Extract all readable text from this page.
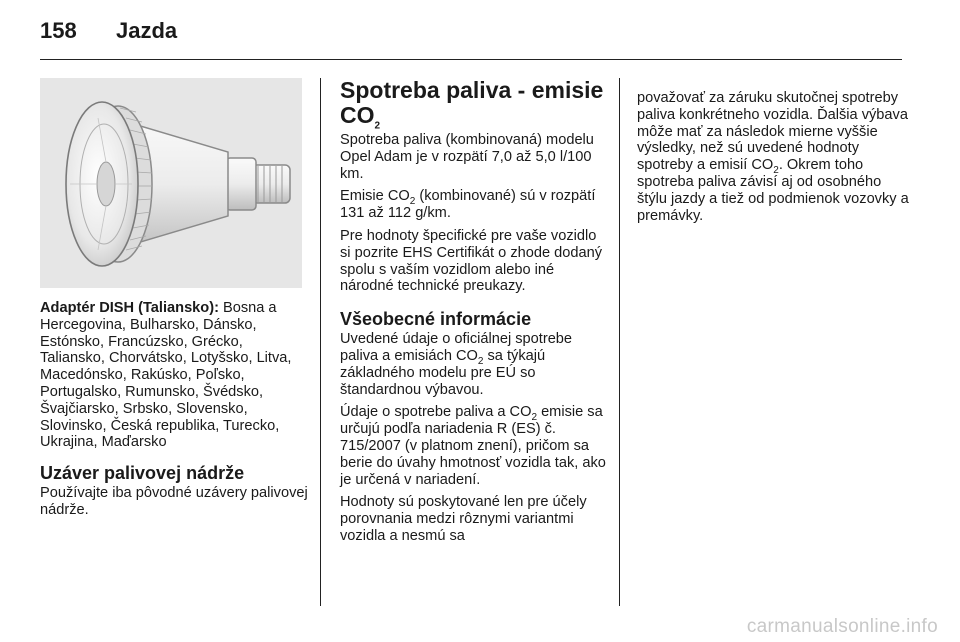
158 Jazda

Adaptér DISH (Taliansko): Bosna a Hercegovina, Bulharsko, Dánsko, Estónsko, Francúzsko, Grécko, Taliansko, Chorvátsko, Lotyšsko, Litva, Macedónsko, Rakúsko, Poľsko, Portugalsko, Rumunsko, Švédsko, Švajčiarsko, Srbsko, Slovensko, Slovinsko, Česká republika, Turecko, Ukrajina, Maďarsko

Uzáver palivovej nádrže

Používajte iba pôvodné uzávery palivovej nádrže.

Spotreba paliva - emisie $CO_2$

Spotreba paliva (kombinovaná) modelu Opel Adam je v rozpätí 7,0 až 5,0 l/100 km.

Emisie $CO_2$ (kombinované) sú v rozpätí 131 až 112 g/km.

Pre hodnoty špecifické pre vaše vozidlo si pozrite EHS Certifikát o zhode dodaný spolu s vaším vozidlom alebo iné národné technické preukazy.

Všeobecné informácie

Uvedené údaje o oficiálnej spotrebe paliva a emisiách $CO_2$ sa týkajú základného modelu pre EÚ so štandardnou výbavou.

Údaje o spotrebe paliva a $CO_2$ emisie sa určujú podľa nariadenia R (ES) č. 715/2007 (v platnom znení), pričom sa berie do úvahy hmotnosť vozidla tak, ako je určená v nariadení.

Hodnoty sú poskytované len pre účely porovnania medzi rôznymi variantmi vozidla a nesmú sa

považovať za záruku skutočnej spotreby paliva konkrétneho vozidla. Ďalšia výbava môže mať za následok mierne vyššie výsledky, než sú uvedené hodnoty spotreby a emisií $CO_2$. Okrem toho spotreba paliva závisí aj od osobného štýlu jazdy a tiež od podmienok vozovky a premávky.

carmanualsonline.info
